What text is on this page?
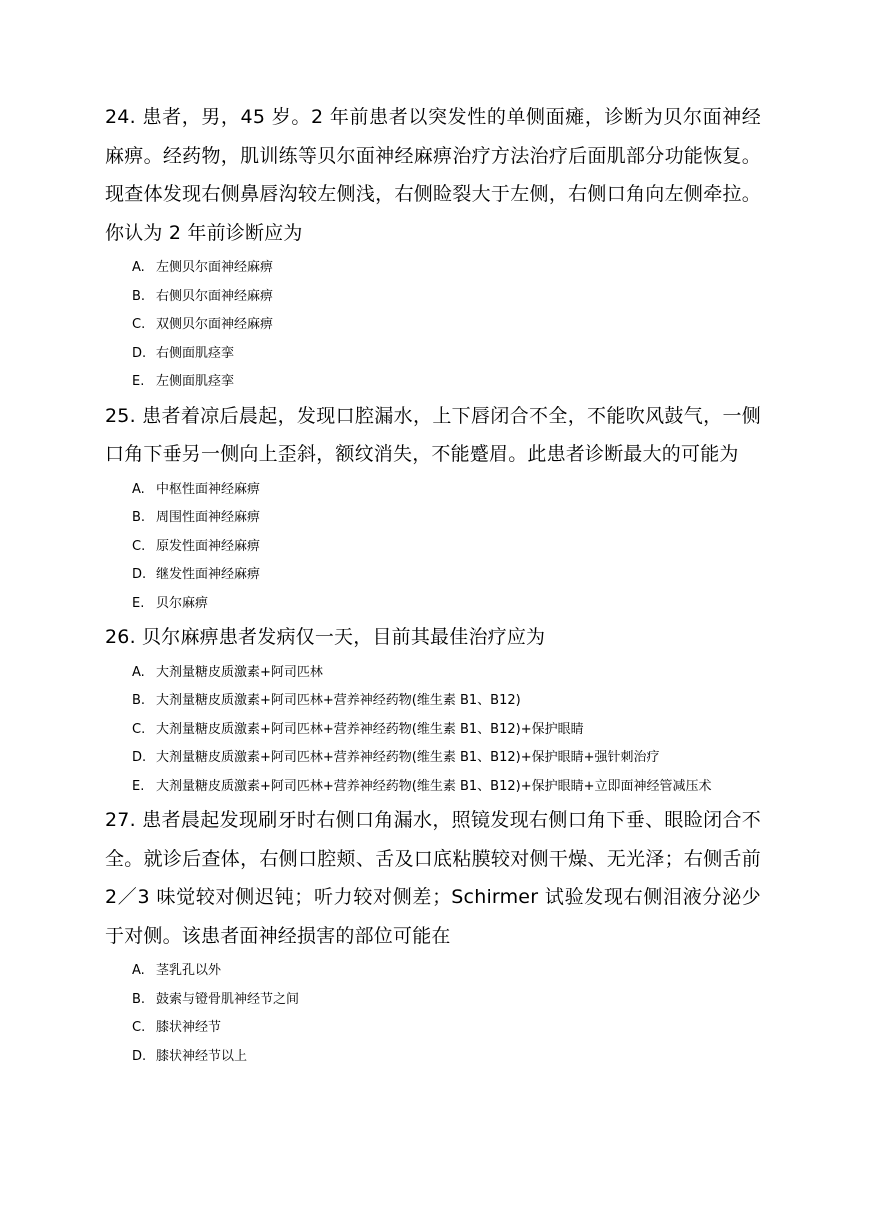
24. 患者，男，45 岁。2 年前患者以突发性的单侧面瘫，诊断为贝尔面神经麻痹。经药物，肌训练等贝尔面神经麻痹治疗方法治疗后面肌部分功能恢复。现查体发现右侧鼻唇沟较左侧浅，右侧睑裂大于左侧，右侧口角向左侧牵拉。你认为 2 年前诊断应为

A. 左侧贝尔面神经麻痹
B. 右侧贝尔面神经麻痹
C. 双侧贝尔面神经麻痹
D. 右侧面肌痉挛
E. 左侧面肌痉挛

25. 患者着凉后晨起，发现口腔漏水，上下唇闭合不全，不能吹风鼓气，一侧口角下垂另一侧向上歪斜，额纹消失，不能蹙眉。此患者诊断最大的可能为

A. 中枢性面神经麻痹
B. 周围性面神经麻痹
C. 原发性面神经麻痹
D. 继发性面神经麻痹
E. 贝尔麻痹

26. 贝尔麻痹患者发病仅一天，目前其最佳治疗应为

A. 大剂量糖皮质激素+阿司匹林
B. 大剂量糖皮质激素+阿司匹林+营养神经药物(维生素 B1、B12)
C. 大剂量糖皮质激素+阿司匹林+营养神经药物(维生素 B1、B12)+保护眼睛
D. 大剂量糖皮质激素+阿司匹林+营养神经药物(维生素 B1、B12)+保护眼睛+强针刺治疗
E. 大剂量糖皮质激素+阿司匹林+营养神经药物(维生素 B1、B12)+保护眼睛+立即面神经管减压术

27. 患者晨起发现刷牙时右侧口角漏水，照镜发现右侧口角下垂、眼睑闭合不全。就诊后查体，右侧口腔颊、舌及口底粘膜较对侧干燥、无光泽；右侧舌前 2／3 味觉较对侧迟钝；听力较对侧差；Schirmer 试验发现右侧泪液分泌少于对侧。该患者面神经损害的部位可能在

A. 茎乳孔以外
B. 鼓索与镫骨肌神经节之间
C. 膝状神经节
D. 膝状神经节以上
